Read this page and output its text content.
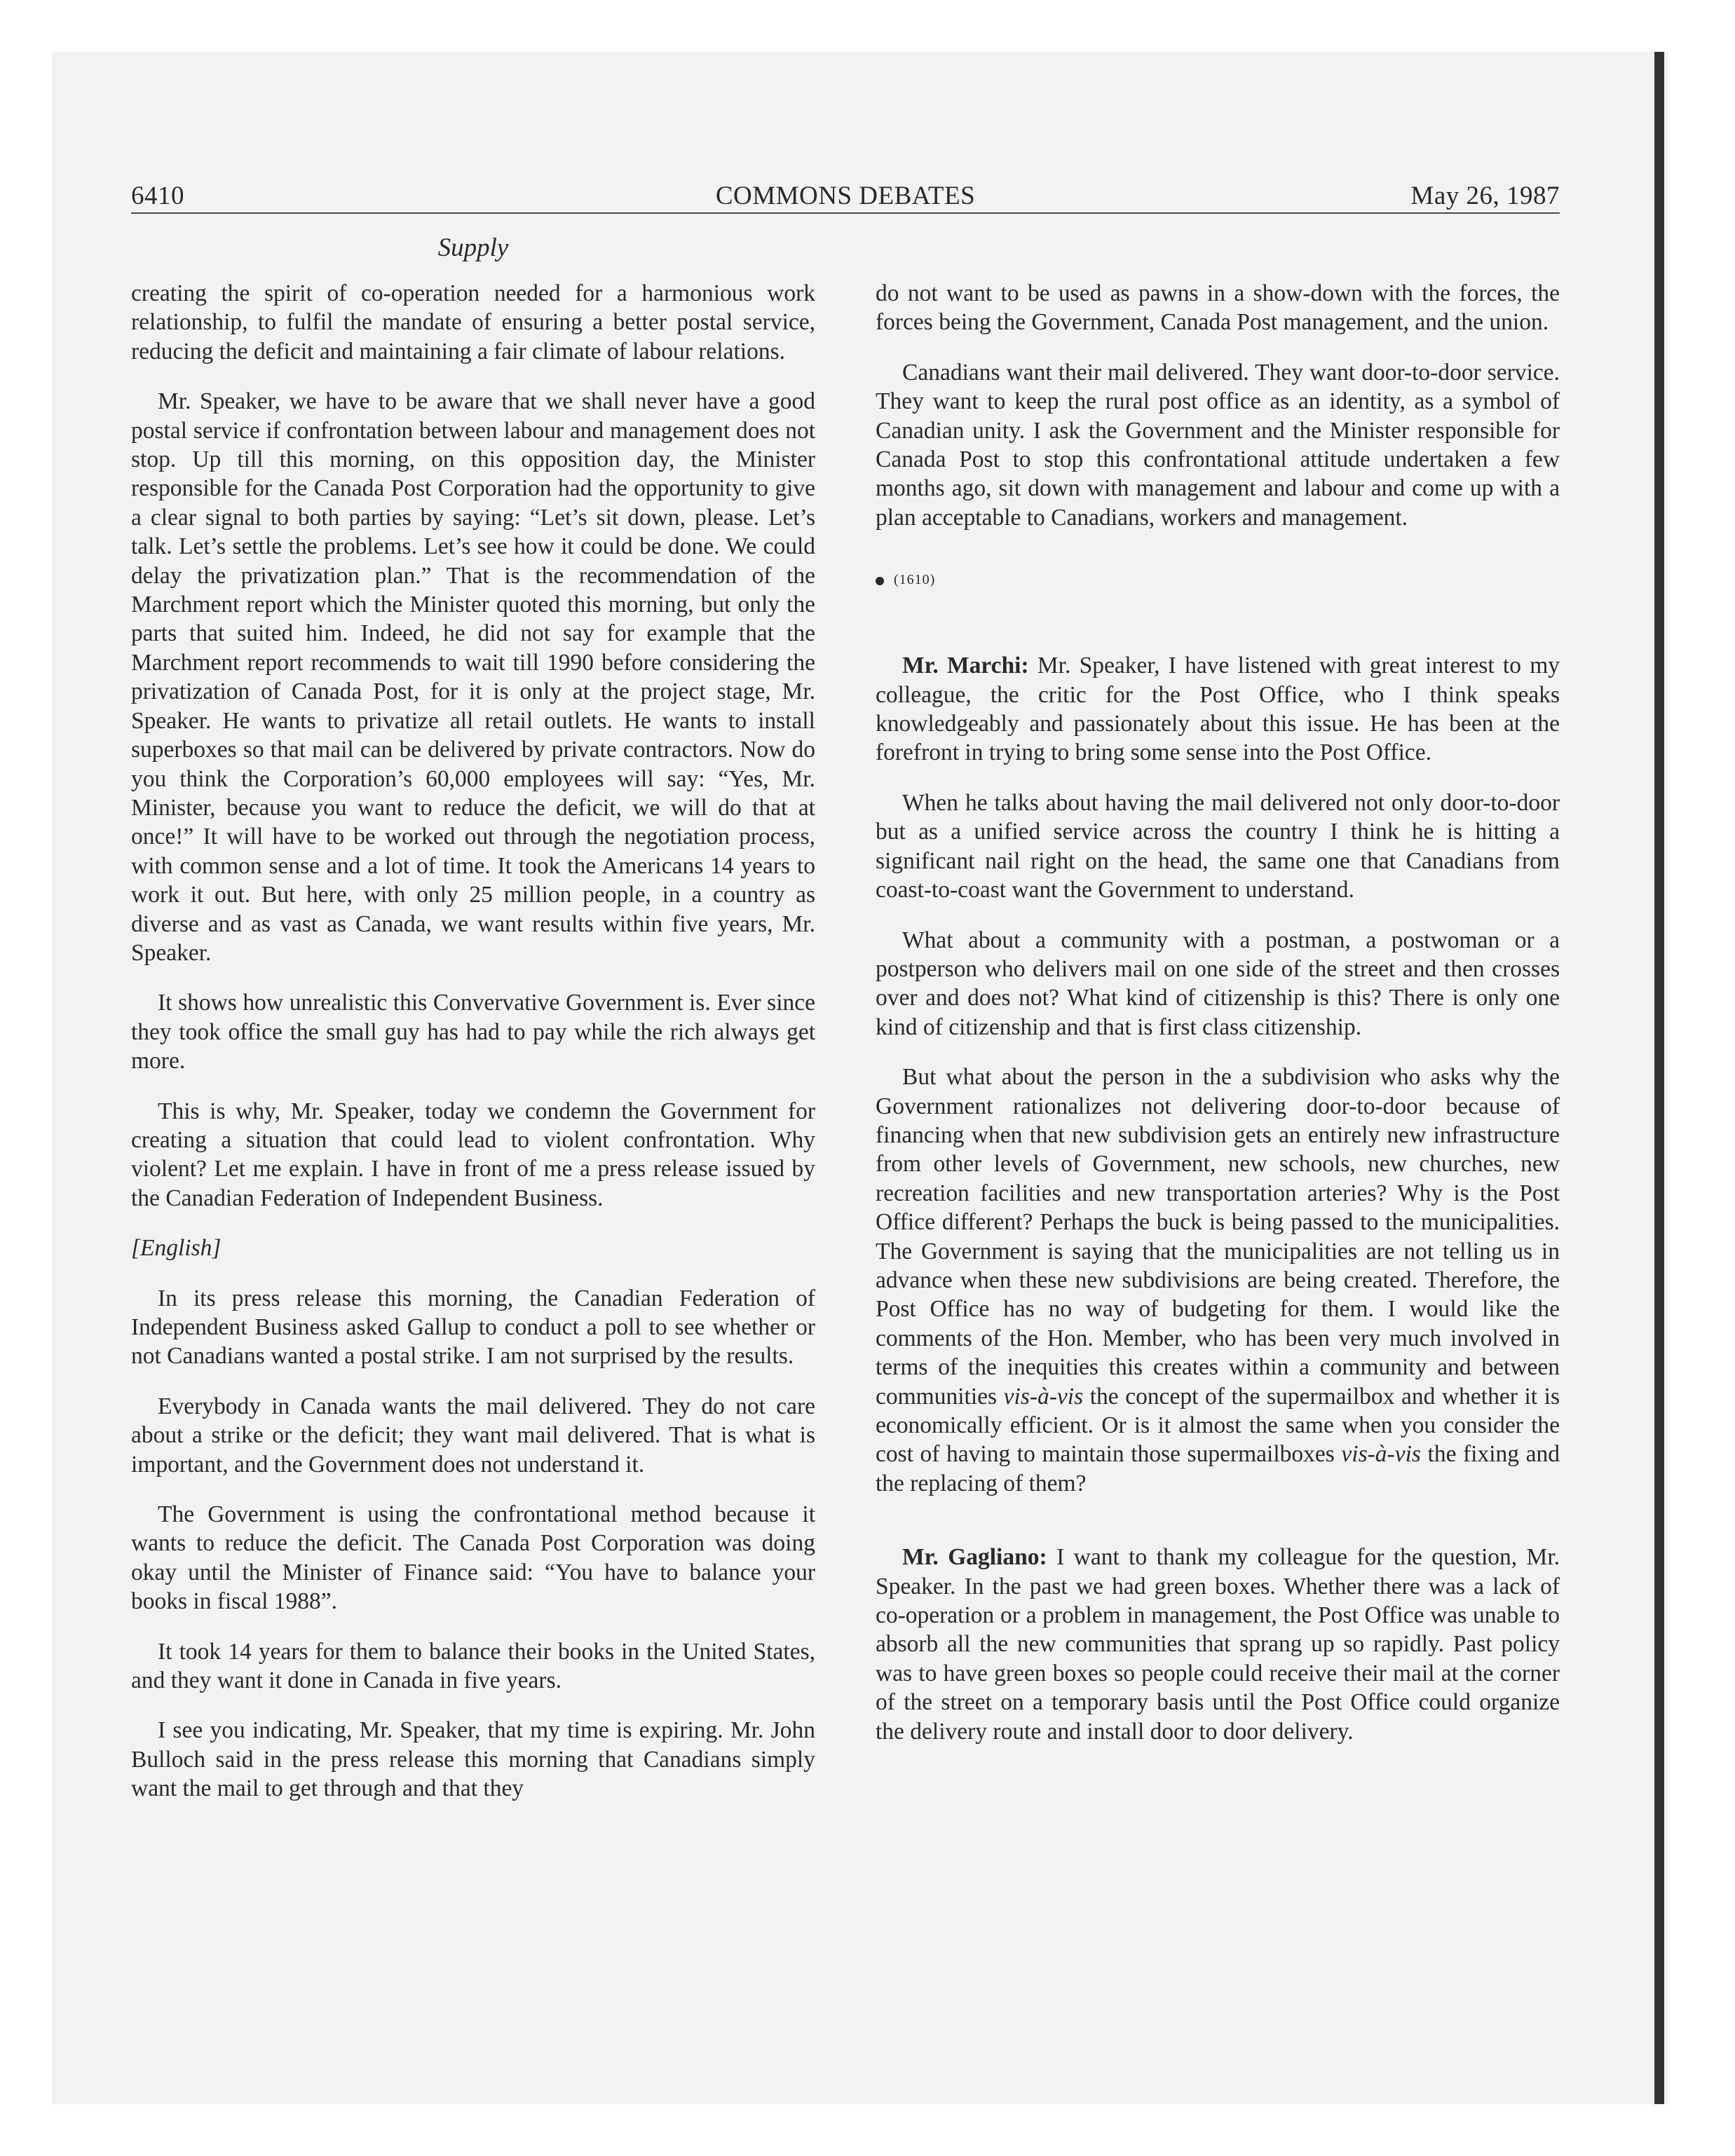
6410	COMMONS DEBATES	May 26, 1987
Supply

creating the spirit of co-operation needed for a harmonious work relationship, to fulfil the mandate of ensuring a better postal service, reducing the deficit and maintaining a fair climate of labour relations.

Mr. Speaker, we have to be aware that we shall never have a good postal service if confrontation between labour and management does not stop. Up till this morning, on this opposition day, the Minister responsible for the Canada Post Corporation had the opportunity to give a clear signal to both parties by saying: “Let’s sit down, please. Let’s talk. Let’s settle the problems. Let’s see how it could be done. We could delay the privatization plan.” That is the recommendation of the Marchment report which the Minister quoted this morning, but only the parts that suited him. Indeed, he did not say for example that the Marchment report recommends to wait till 1990 before considering the privatization of Canada Post, for it is only at the project stage, Mr. Speaker. He wants to privatize all retail outlets. He wants to install superboxes so that mail can be delivered by private contractors. Now do you think the Corporation’s 60,000 employees will say: “Yes, Mr. Minister, because you want to reduce the deficit, we will do that at once!” It will have to be worked out through the negotiation process, with common sense and a lot of time. It took the Americans 14 years to work it out. But here, with only 25 million people, in a country as diverse and as vast as Canada, we want results within five years, Mr. Speaker.

It shows how unrealistic this Convervative Government is. Ever since they took office the small guy has had to pay while the rich always get more.

This is why, Mr. Speaker, today we condemn the Government for creating a situation that could lead to violent confrontation. Why violent? Let me explain. I have in front of me a press release issued by the Canadian Federation of Independent Business.

[English]

In its press release this morning, the Canadian Federation of Independent Business asked Gallup to conduct a poll to see whether or not Canadians wanted a postal strike. I am not surprised by the results.

Everybody in Canada wants the mail delivered. They do not care about a strike or the deficit; they want mail delivered. That is what is important, and the Government does not understand it.

The Government is using the confrontational method because it wants to reduce the deficit. The Canada Post Corporation was doing okay until the Minister of Finance said: “You have to balance your books in fiscal 1988”.

It took 14 years for them to balance their books in the United States, and they want it done in Canada in five years.

I see you indicating, Mr. Speaker, that my time is expiring. Mr. John Bulloch said in the press release this morning that Canadians simply want the mail to get through and that they

do not want to be used as pawns in a show-down with the forces, the forces being the Government, Canada Post management, and the union.

Canadians want their mail delivered. They want door-to-door service. They want to keep the rural post office as an identity, as a symbol of Canadian unity. I ask the Government and the Minister responsible for Canada Post to stop this confrontational attitude undertaken a few months ago, sit down with management and labour and come up with a plan acceptable to Canadians, workers and management.

(1610)

Mr. Marchi: Mr. Speaker, I have listened with great interest to my colleague, the critic for the Post Office, who I think speaks knowledgeably and passionately about this issue. He has been at the forefront in trying to bring some sense into the Post Office.

When he talks about having the mail delivered not only door-to-door but as a unified service across the country I think he is hitting a significant nail right on the head, the same one that Canadians from coast-to-coast want the Government to understand.

What about a community with a postman, a postwoman or a postperson who delivers mail on one side of the street and then crosses over and does not? What kind of citizenship is this? There is only one kind of citizenship and that is first class citizenship.

But what about the person in the a subdivision who asks why the Government rationalizes not delivering door-to-door because of financing when that new subdivision gets an entirely new infrastructure from other levels of Government, new schools, new churches, new recreation facilities and new transportation arteries? Why is the Post Office different? Perhaps the buck is being passed to the municipalities. The Government is saying that the municipalities are not telling us in advance when these new subdivisions are being created. Therefore, the Post Office has no way of budgeting for them. I would like the comments of the Hon. Member, who has been very much involved in terms of the inequities this creates within a community and between communities vis-à-vis the concept of the supermailbox and whether it is economically efficient. Or is it almost the same when you consider the cost of having to maintain those supermailboxes vis-à-vis the fixing and the replacing of them?

Mr. Gagliano: I want to thank my colleague for the question, Mr. Speaker. In the past we had green boxes. Whether there was a lack of co-operation or a problem in management, the Post Office was unable to absorb all the new communities that sprang up so rapidly. Past policy was to have green boxes so people could receive their mail at the corner of the street on a temporary basis until the Post Office could organize the delivery route and install door to door delivery.
